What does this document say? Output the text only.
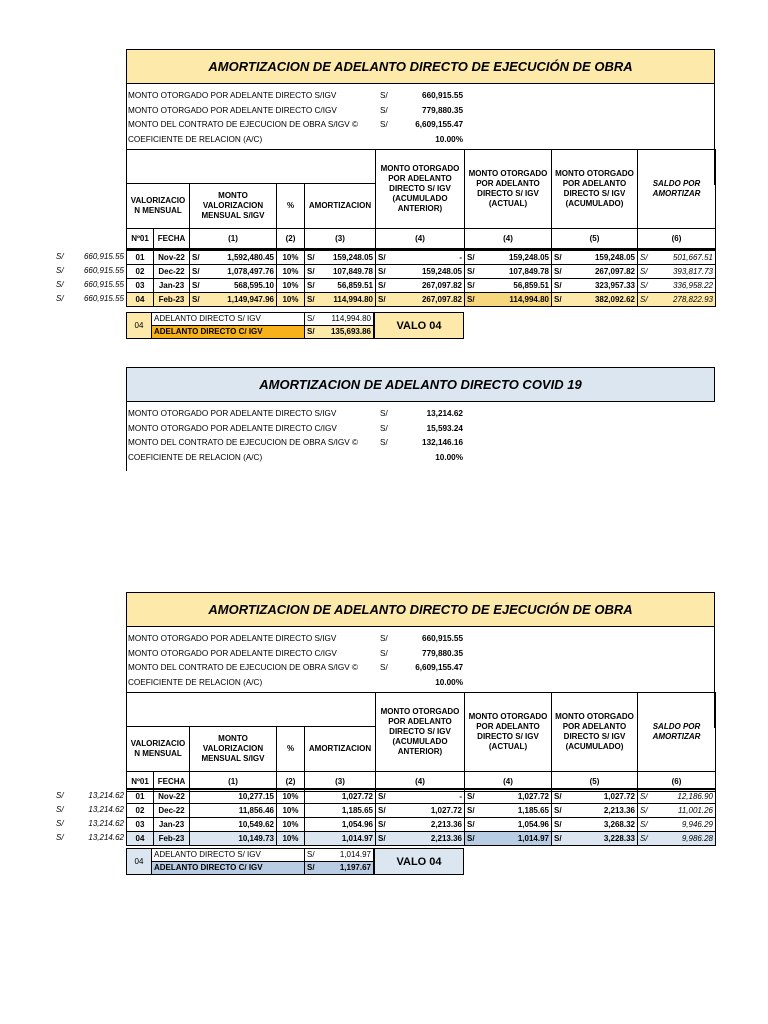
AMORTIZACION DE ADELANTO DIRECTO DE EJECUCIÓN DE OBRA
MONTO OTORGADO POR ADELANTE DIRECTO S/IGV	S/	660,915.55
MONTO OTORGADO POR ADELANTE DIRECTO C/IGV	S/	779,880.35
MONTO DEL CONTRATO DE EJECUCION DE OBRA S/IGV ©	S/	6,609,155.47
COEFICIENTE DE RELACION (A/C)	10.00%
					MONTO OTORGADO POR ADELANTO DIRECTO S/ IGV (ACUMULADO ANTERIOR)	MONTO OTORGADO POR ADELANTO DIRECTO S/ IGV (ACTUAL)	MONTO OTORGADO POR ADELANTO DIRECTO S/ IGV (ACUMULADO)	SALDO POR AMORTIZAR
VALORIZACIO N MENSUAL		MONTO VALORIZACION MENSUAL S/IGV	%	AMORTIZACION				
Nº01	FECHA	(1)	(2)	(3)	(4)	(4)	(5)	(6)
01	Nov-22	S/	1,592,480.45	10%	S/	159,248.05	S/	-	S/	159,248.05	S/	159,248.05	S/	501,667.51
02	Dec-22	S/	1,078,497.76	10%	S/	107,849.78	S/	159,248.05	S/	107,849.78	S/	267,097.82	S/	393,817.73
03	Jan-23	S/	568,595.10	10%	S/	56,859.51	S/	267,097.82	S/	56,859.51	S/	323,957.33	S/	336,958.22
04	Feb-23	S/	1,149,947.96	10%	S/	114,994.80	S/	267,097.82	S/	114,994.80	S/	382,092.62	S/	278,822.93
S/	660,915.55
S/	660,915.55
S/	660,915.55
S/	660,915.55
04	ADELANTO DIRECTO S/ IGV	S/	114,994.80
	ADELANTO DIRECTO C/ IGV	S/	135,693.86	VALO 04
AMORTIZACION DE ADELANTO DIRECTO COVID 19
MONTO OTORGADO POR ADELANTE DIRECTO S/IGV	S/	13,214.62
MONTO OTORGADO POR ADELANTE DIRECTO C/IGV	S/	15,593.24
MONTO DEL CONTRATO DE EJECUCION DE OBRA S/IGV ©	S/	132,146.16
COEFICIENTE DE RELACION (A/C)	10.00%
AMORTIZACION DE ADELANTO DIRECTO DE EJECUCIÓN DE OBRA
MONTO OTORGADO POR ADELANTE DIRECTO S/IGV	S/	660,915.55
MONTO OTORGADO POR ADELANTE DIRECTO C/IGV	S/	779,880.35
MONTO DEL CONTRATO DE EJECUCION DE OBRA S/IGV ©	S/	6,609,155.47
COEFICIENTE DE RELACION (A/C)	10.00%
					MONTO OTORGADO POR ADELANTO DIRECTO S/ IGV (ACUMULADO ANTERIOR)	MONTO OTORGADO POR ADELANTO DIRECTO S/ IGV (ACTUAL)	MONTO OTORGADO POR ADELANTO DIRECTO S/ IGV (ACUMULADO)	SALDO POR AMORTIZAR
VALORIZACIO N MENSUAL		MONTO VALORIZACION MENSUAL S/IGV	%	AMORTIZACION				
Nº01	FECHA	(1)	(2)	(3)	(4)	(4)	(5)	(6)
01	Nov-22	10,277.15	10%	1,027.72	S/	-	S/	1,027.72	S/	1,027.72	S/	12,186.90
02	Dec-22	11,856.46	10%	1,185.65	S/	1,027.72	S/	1,185.65	S/	2,213.36	S/	11,001.26
03	Jan-23	10,549.62	10%	1,054.96	S/	2,213.36	S/	1,054.96	S/	3,268.32	S/	9,946.29
04	Feb-23	10,149.73	10%	1,014.97	S/	2,213.36	S/	1,014.97	S/	3,228.33	S/	9,986.28
S/	13,214.62
S/	13,214.62
S/	13,214.62
S/	13,214.62
04	ADELANTO DIRECTO S/ IGV	S/	1,014.97
	ADELANTO DIRECTO C/ IGV	S/	1,197.67	VALO 04
